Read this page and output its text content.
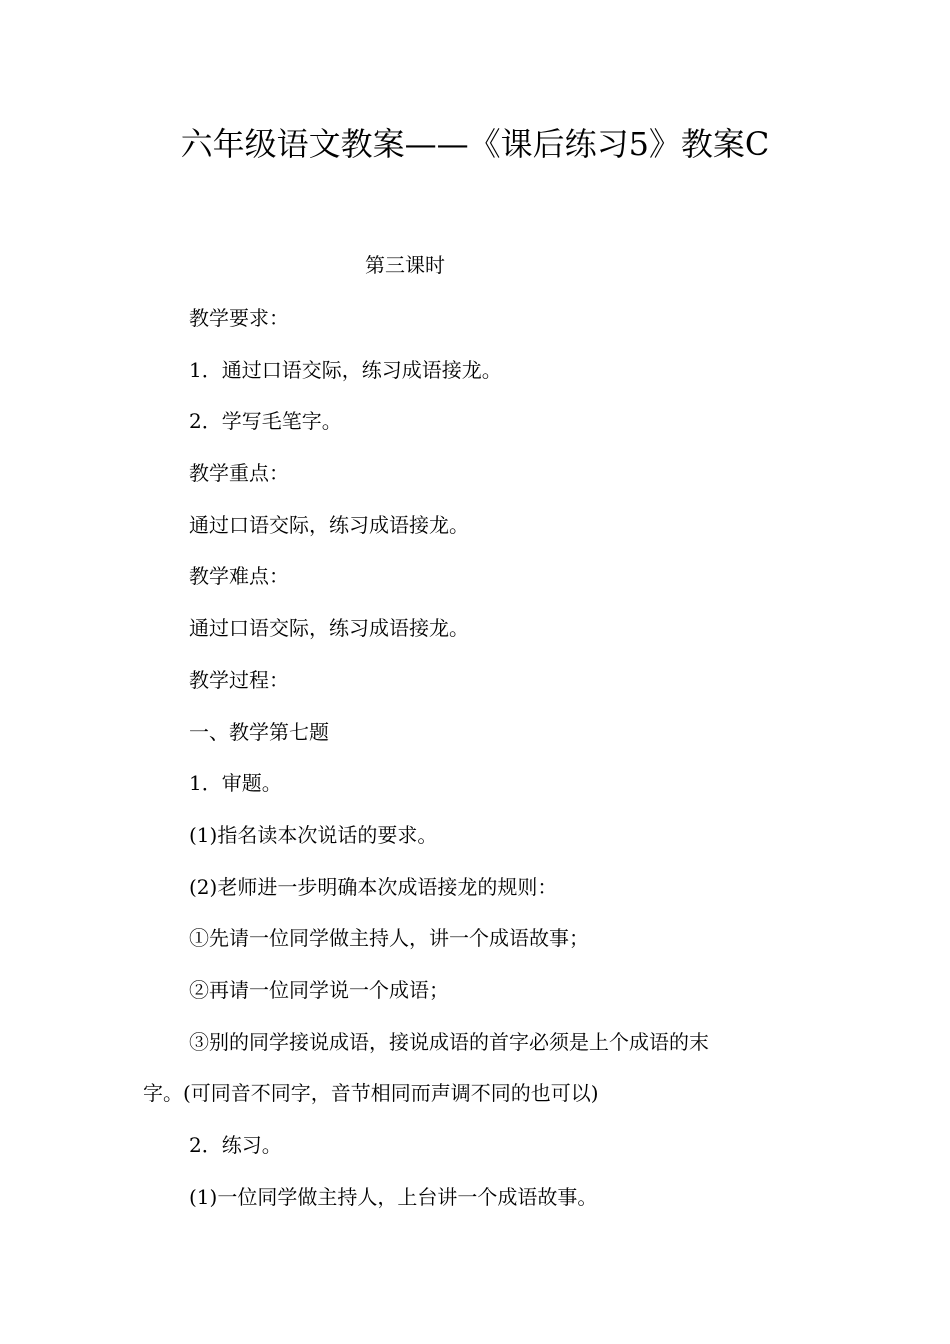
六年级语文教案——《课后练习5》教案C
第三课时
教学要求：
1．通过口语交际，练习成语接龙。
2．学写毛笔字。
教学重点：
通过口语交际，练习成语接龙。
教学难点：
通过口语交际，练习成语接龙。
教学过程：
一、教学第七题
1．审题。
(1)指名读本次说话的要求。
(2)老师进一步明确本次成语接龙的规则：
①先请一位同学做主持人，讲一个成语故事；
②再请一位同学说一个成语；
③别的同学接说成语，接说成语的首字必须是上个成语的末
字。(可同音不同字，音节相同而声调不同的也可以)
2．练习。
(1)一位同学做主持人，上台讲一个成语故事。
